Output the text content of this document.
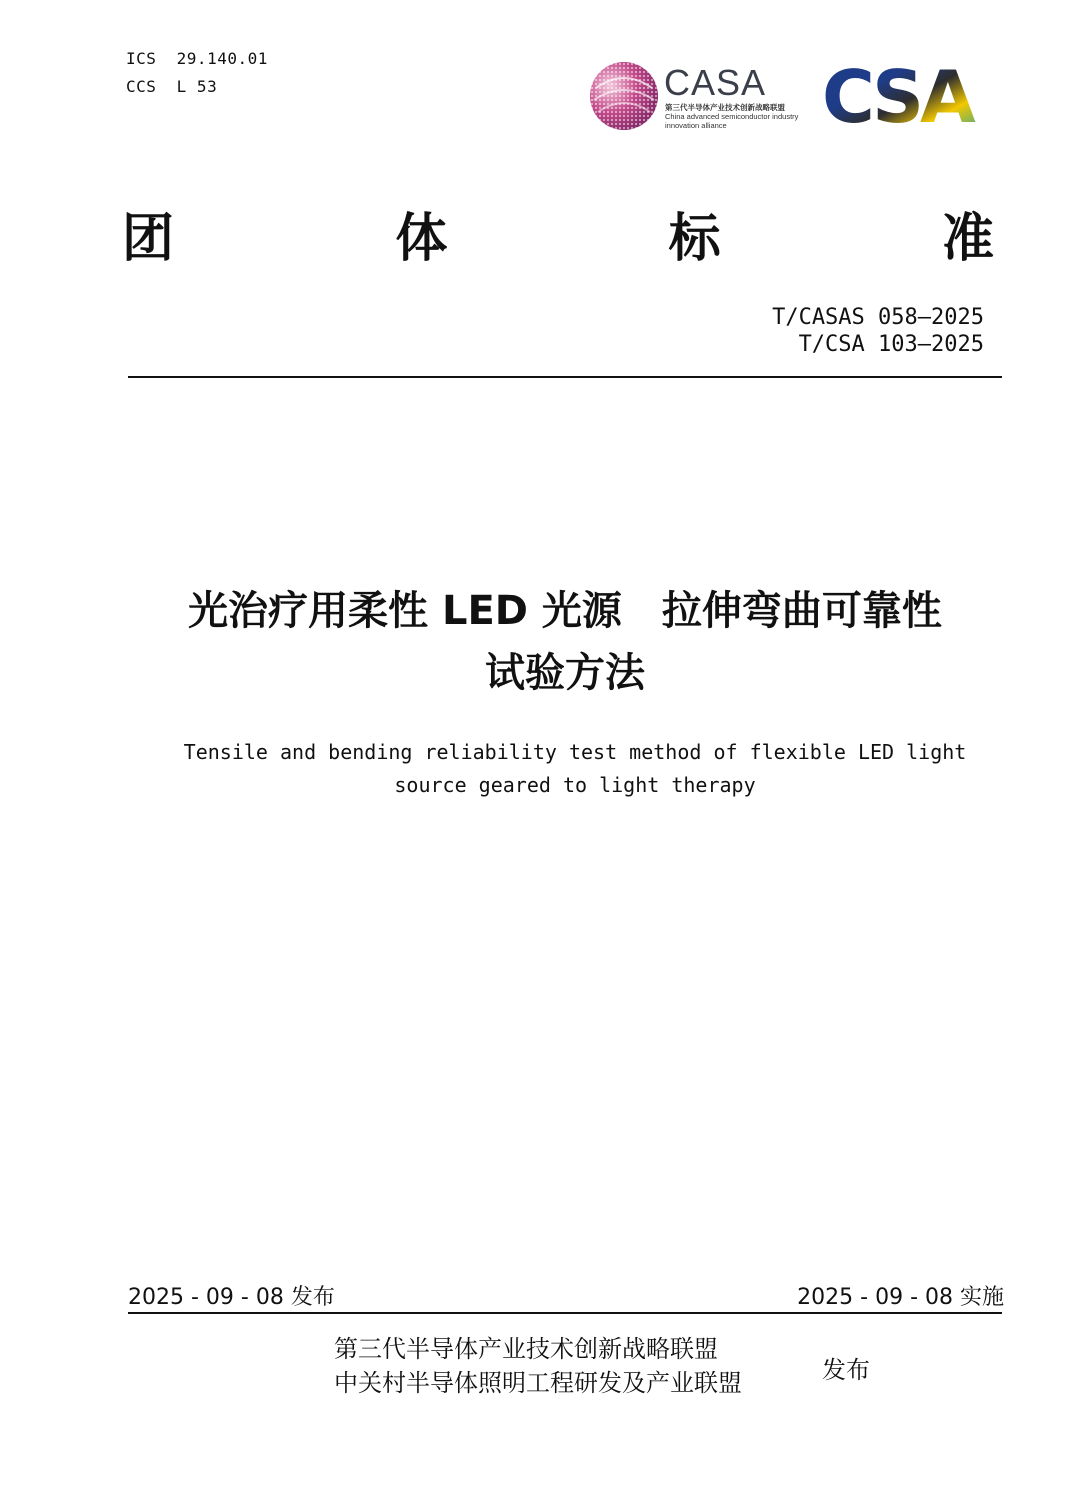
ICS  29.140.01
CCS  L 53	CASA
第三代半导体产业技术创新战略联盟
China advanced semiconductor industry
innovation alliance CSA
团	体	标	准
T/CASAS 058—2025
T/CSA 103—2025
光治疗用柔性 LED 光源　拉伸弯曲可靠性
试验方法
Tensile and bending reliability test method of flexible LED light
source geared to light therapy
2025 - 09 - 08 发布	2025 - 09 - 08 实施
第三代半导体产业技术创新战略联盟
中关村半导体照明工程研发及产业联盟	发布
